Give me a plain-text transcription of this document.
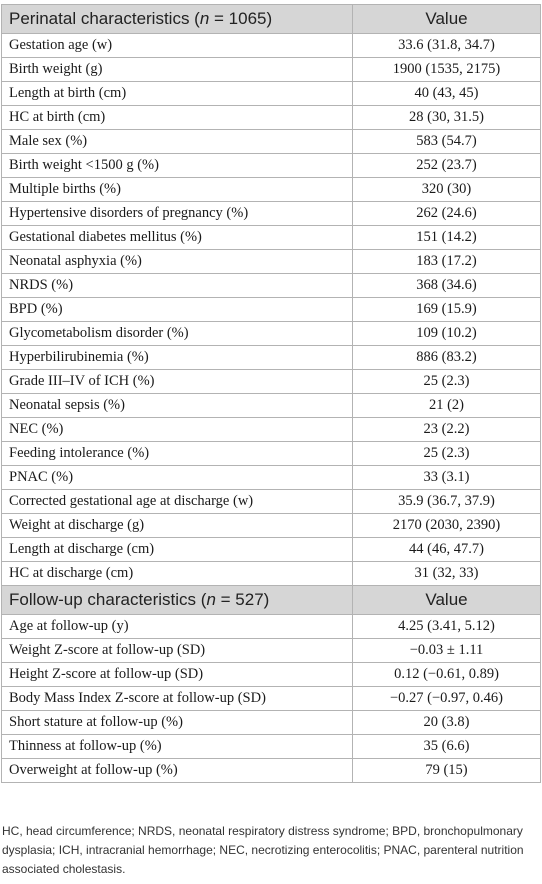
Perinatal characteristics (n = 1065)	Value
Gestation age (w)	33.6 (31.8, 34.7)
Birth weight (g)	1900 (1535, 2175)
Length at birth (cm)	40 (43, 45)
HC at birth (cm)	28 (30, 31.5)
Male sex (%)	583 (54.7)
Birth weight <1500 g (%)	252 (23.7)
Multiple births (%)	320 (30)
Hypertensive disorders of pregnancy (%)	262 (24.6)
Gestational diabetes mellitus (%)	151 (14.2)
Neonatal asphyxia (%)	183 (17.2)
NRDS (%)	368 (34.6)
BPD (%)	169 (15.9)
Glycometabolism disorder (%)	109 (10.2)
Hyperbilirubinemia (%)	886 (83.2)
Grade III–IV of ICH (%)	25 (2.3)
Neonatal sepsis (%)	21 (2)
NEC (%)	23 (2.2)
Feeding intolerance (%)	25 (2.3)
PNAC (%)	33 (3.1)
Corrected gestational age at discharge (w)	35.9 (36.7, 37.9)
Weight at discharge (g)	2170 (2030, 2390)
Length at discharge (cm)	44 (46, 47.7)
HC at discharge (cm)	31 (32, 33)
Follow-up characteristics (n = 527)	Value
Age at follow-up (y)	4.25 (3.41, 5.12)
Weight Z-score at follow-up (SD)	−0.03 ± 1.11
Height Z-score at follow-up (SD)	0.12 (−0.61, 0.89)
Body Mass Index Z-score at follow-up (SD)	−0.27 (−0.97, 0.46)
Short stature at follow-up (%)	20 (3.8)
Thinness at follow-up (%)	35 (6.6)
Overweight at follow-up (%)	79 (15)
HC, head circumference; NRDS, neonatal respiratory distress syndrome; BPD, bronchopulmonary dysplasia; ICH, intracranial hemorrhage; NEC, necrotizing enterocolitis; PNAC, parenteral nutrition associated cholestasis.
